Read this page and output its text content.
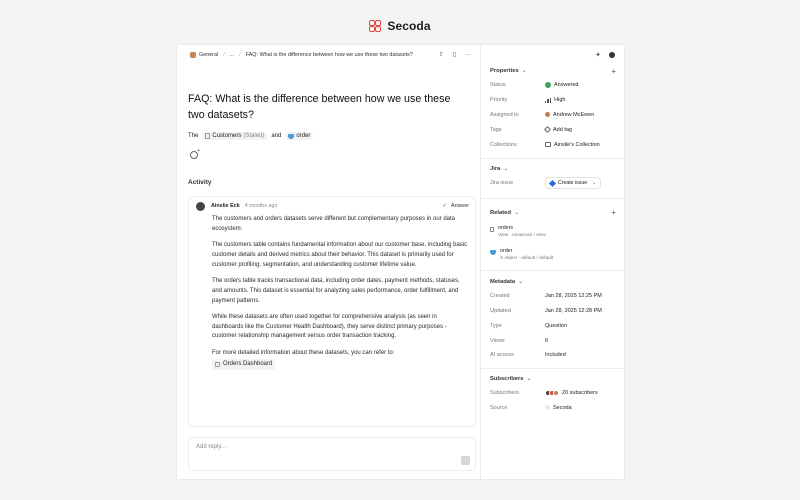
Secoda
General / ... / FAQ: What is the difference between how we use these two datasets?	⇪ ▯ ···
FAQ: What is the difference between how we use these two datasets?
The Customers (Staled) and	order
+
Activity
Ainslie Eck 4 months ago	✓ Answer

The customers and orders datasets serve different but complementary purposes in our data ecosystem:

The customers table contains fundamental information about our customer base, including basic customer details and derived metrics about their behavior. This dataset is primarily used for customer profiling, segmentation, and understanding customer lifetime value.

The orders table tracks transactional data, including order dates, payment methods, statuses, and amounts. This dataset is essential for analyzing sales performance, order fulfillment, and payment patterns.

While these datasets are often used together for comprehensive analysis (as seen in dashboards like the Customer Health Dashboard), they serve distinct primary purposes - customer relationship management versus order transaction tracking.

For more detailed information about these datasets, you can refer to:

Orders Dashboard
Add reply...
↑
✦
Properties ⌄	+
Status	Answered
Priority	High
Assigned to	Andrew McEwen
Tags	Add tag
Collections	Ainslie's Collection
Jira ⌄
Jira issue	Create issue ⌄
Related ⌄	+
orders
View · snowman / view
order
S object · default / default
Metadata ⌄
Created	Jan 28, 2025 12:25 PM
Updated	Jan 28, 2025 12:28 PM
Type	Question
Views	6
AI access	Included
Subscribers ⌄
Subscribers	20 subscribers
Source	Secoda
